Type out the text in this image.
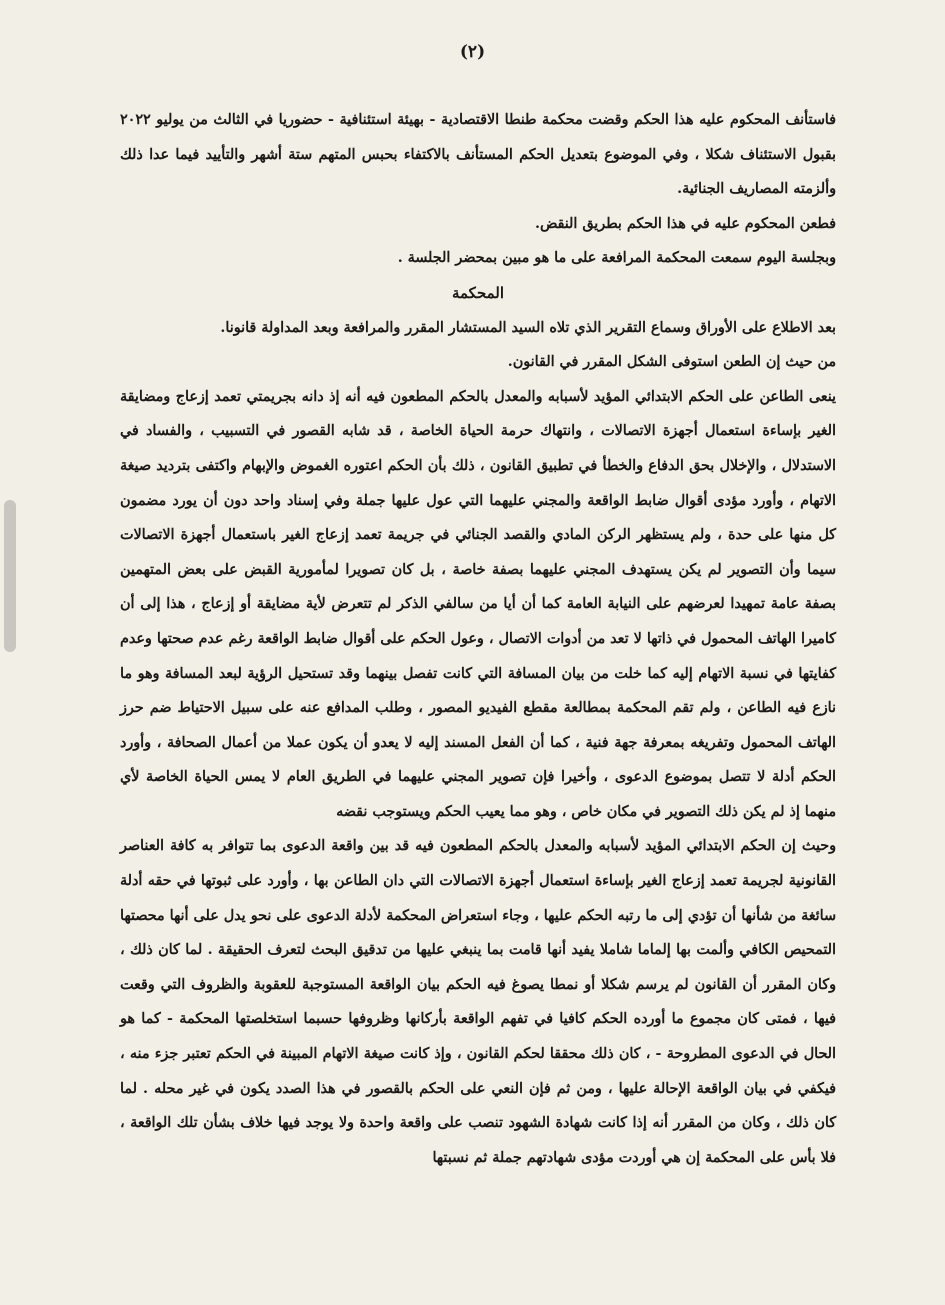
(٢)

فاستأنف المحكوم عليه هذا الحكم وقضت محكمة طنطا الاقتصادية - بهيئة استئنافية - حضوريا في الثالث من يوليو ٢٠٢٢ بقبول الاستئناف شكلا ، وفي الموضوع بتعديل الحكم المستأنف بالاكتفاء بحبس المتهم ستة أشهر والتأييد فيما عدا ذلك وألزمته المصاريف الجنائية.

فطعن المحكوم عليه في هذا الحكم بطريق النقض.

وبجلسة اليوم سمعت المحكمة المرافعة على ما هو مبين بمحضر الجلسة .

المحكمة

بعد الاطلاع على الأوراق وسماع التقرير الذي تلاه السيد المستشار المقرر والمرافعة وبعد المداولة قانونا.

من حيث إن الطعن استوفى الشكل المقرر في القانون.

ينعى الطاعن على الحكم الابتدائي المؤيد لأسبابه والمعدل بالحكم المطعون فيه أنه إذ دانه بجريمتي تعمد إزعاج ومضايقة الغير بإساءة استعمال أجهزة الاتصالات ، وانتهاك حرمة الحياة الخاصة ، قد شابه القصور في التسبيب ، والفساد في الاستدلال ، والإخلال بحق الدفاع والخطأ في تطبيق القانون ، ذلك بأن الحكم اعتوره الغموض والإبهام واكتفى بترديد صيغة الاتهام ، وأورد مؤدى أقوال ضابط الواقعة والمجني عليهما التي عول عليها جملة وفي إسناد واحد دون أن يورد مضمون كل منها على حدة ، ولم يستظهر الركن المادي والقصد الجنائي في جريمة تعمد إزعاج الغير باستعمال أجهزة الاتصالات سيما وأن التصوير لم يكن يستهدف المجني عليهما بصفة خاصة ، بل كان تصويرا لمأمورية القبض على بعض المتهمين بصفة عامة تمهيدا لعرضهم على النيابة العامة كما أن أيا من سالفي الذكر لم تتعرض لأية مضايقة أو إزعاج ، هذا إلى أن كاميرا الهاتف المحمول في ذاتها لا تعد من أدوات الاتصال ، وعول الحكم على أقوال ضابط الواقعة رغم عدم صحتها وعدم كفايتها في نسبة الاتهام إليه كما خلت من بيان المسافة التي كانت تفصل بينهما وقد تستحيل الرؤية لبعد المسافة وهو ما نازع فيه الطاعن ، ولم تقم المحكمة بمطالعة مقطع الفيديو المصور ، وطلب المدافع عنه على سبيل الاحتياط ضم حرز الهاتف المحمول وتفريغه بمعرفة جهة فنية ، كما أن الفعل المسند إليه لا يعدو أن يكون عملا من أعمال الصحافة ، وأورد الحكم أدلة لا تتصل بموضوع الدعوى ، وأخيرا فإن تصوير المجني عليهما في الطريق العام لا يمس الحياة الخاصة لأي منهما إذ لم يكن ذلك التصوير في مكان خاص ، وهو مما يعيب الحكم ويستوجب نقضه

وحيث إن الحكم الابتدائي المؤيد لأسبابه والمعدل بالحكم المطعون فيه قد بين واقعة الدعوى بما تتوافر به كافة العناصر القانونية لجريمة تعمد إزعاج الغير بإساءة استعمال أجهزة الاتصالات التي دان الطاعن بها ، وأورد على ثبوتها في حقه أدلة سائغة من شأنها أن تؤدي إلى ما رتبه الحكم عليها ، وجاء استعراض المحكمة لأدلة الدعوى على نحو يدل على أنها محصتها التمحيص الكافي وألمت بها إلماما شاملا يفيد أنها قامت بما ينبغي عليها من تدقيق البحث لتعرف الحقيقة . لما كان ذلك ، وكان المقرر أن القانون لم يرسم شكلا أو نمطا يصوغ فيه الحكم بيان الواقعة المستوجبة للعقوبة والظروف التي وقعت فيها ، فمتى كان مجموع ما أورده الحكم كافيا في تفهم الواقعة بأركانها وظروفها حسبما استخلصتها المحكمة - كما هو الحال في الدعوى المطروحة - ، كان ذلك محققا لحكم القانون ، وإذ كانت صيغة الاتهام المبينة في الحكم تعتبر جزء منه ، فيكفي في بيان الواقعة الإحالة عليها ، ومن ثم فإن النعي على الحكم بالقصور في هذا الصدد يكون في غير محله . لما كان ذلك ، وكان من المقرر أنه إذا كانت شهادة الشهود تنصب على واقعة واحدة ولا يوجد فيها خلاف بشأن تلك الواقعة ، فلا بأس على المحكمة إن هي أوردت مؤدى شهادتهم جملة ثم نسبتها
